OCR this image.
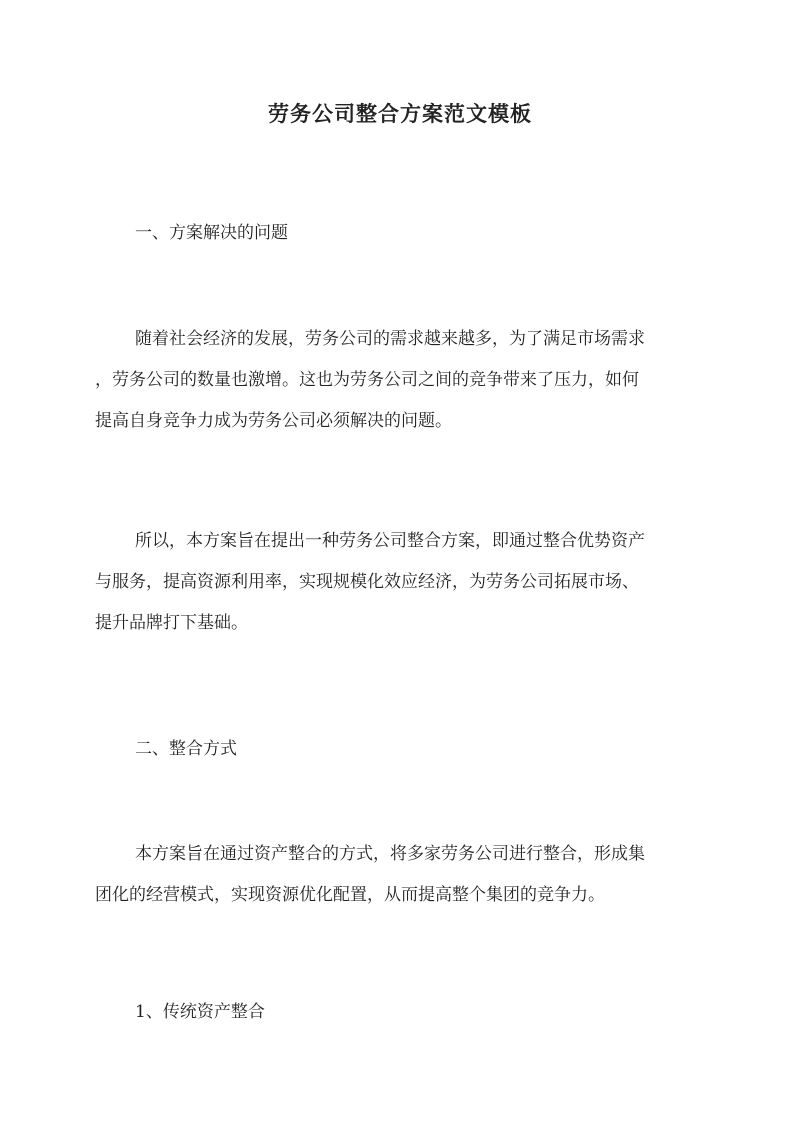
劳务公司整合方案范文模板
一、方案解决的问题
随着社会经济的发展，劳务公司的需求越来越多，为了满足市场需求
，劳务公司的数量也激增。这也为劳务公司之间的竞争带来了压力，如何
提高自身竞争力成为劳务公司必须解决的问题。
所以，本方案旨在提出一种劳务公司整合方案，即通过整合优势资产
与服务，提高资源利用率，实现规模化效应经济，为劳务公司拓展市场、
提升品牌打下基础。
二、整合方式
本方案旨在通过资产整合的方式，将多家劳务公司进行整合，形成集
团化的经营模式，实现资源优化配置，从而提高整个集团的竞争力。
1、传统资产整合
